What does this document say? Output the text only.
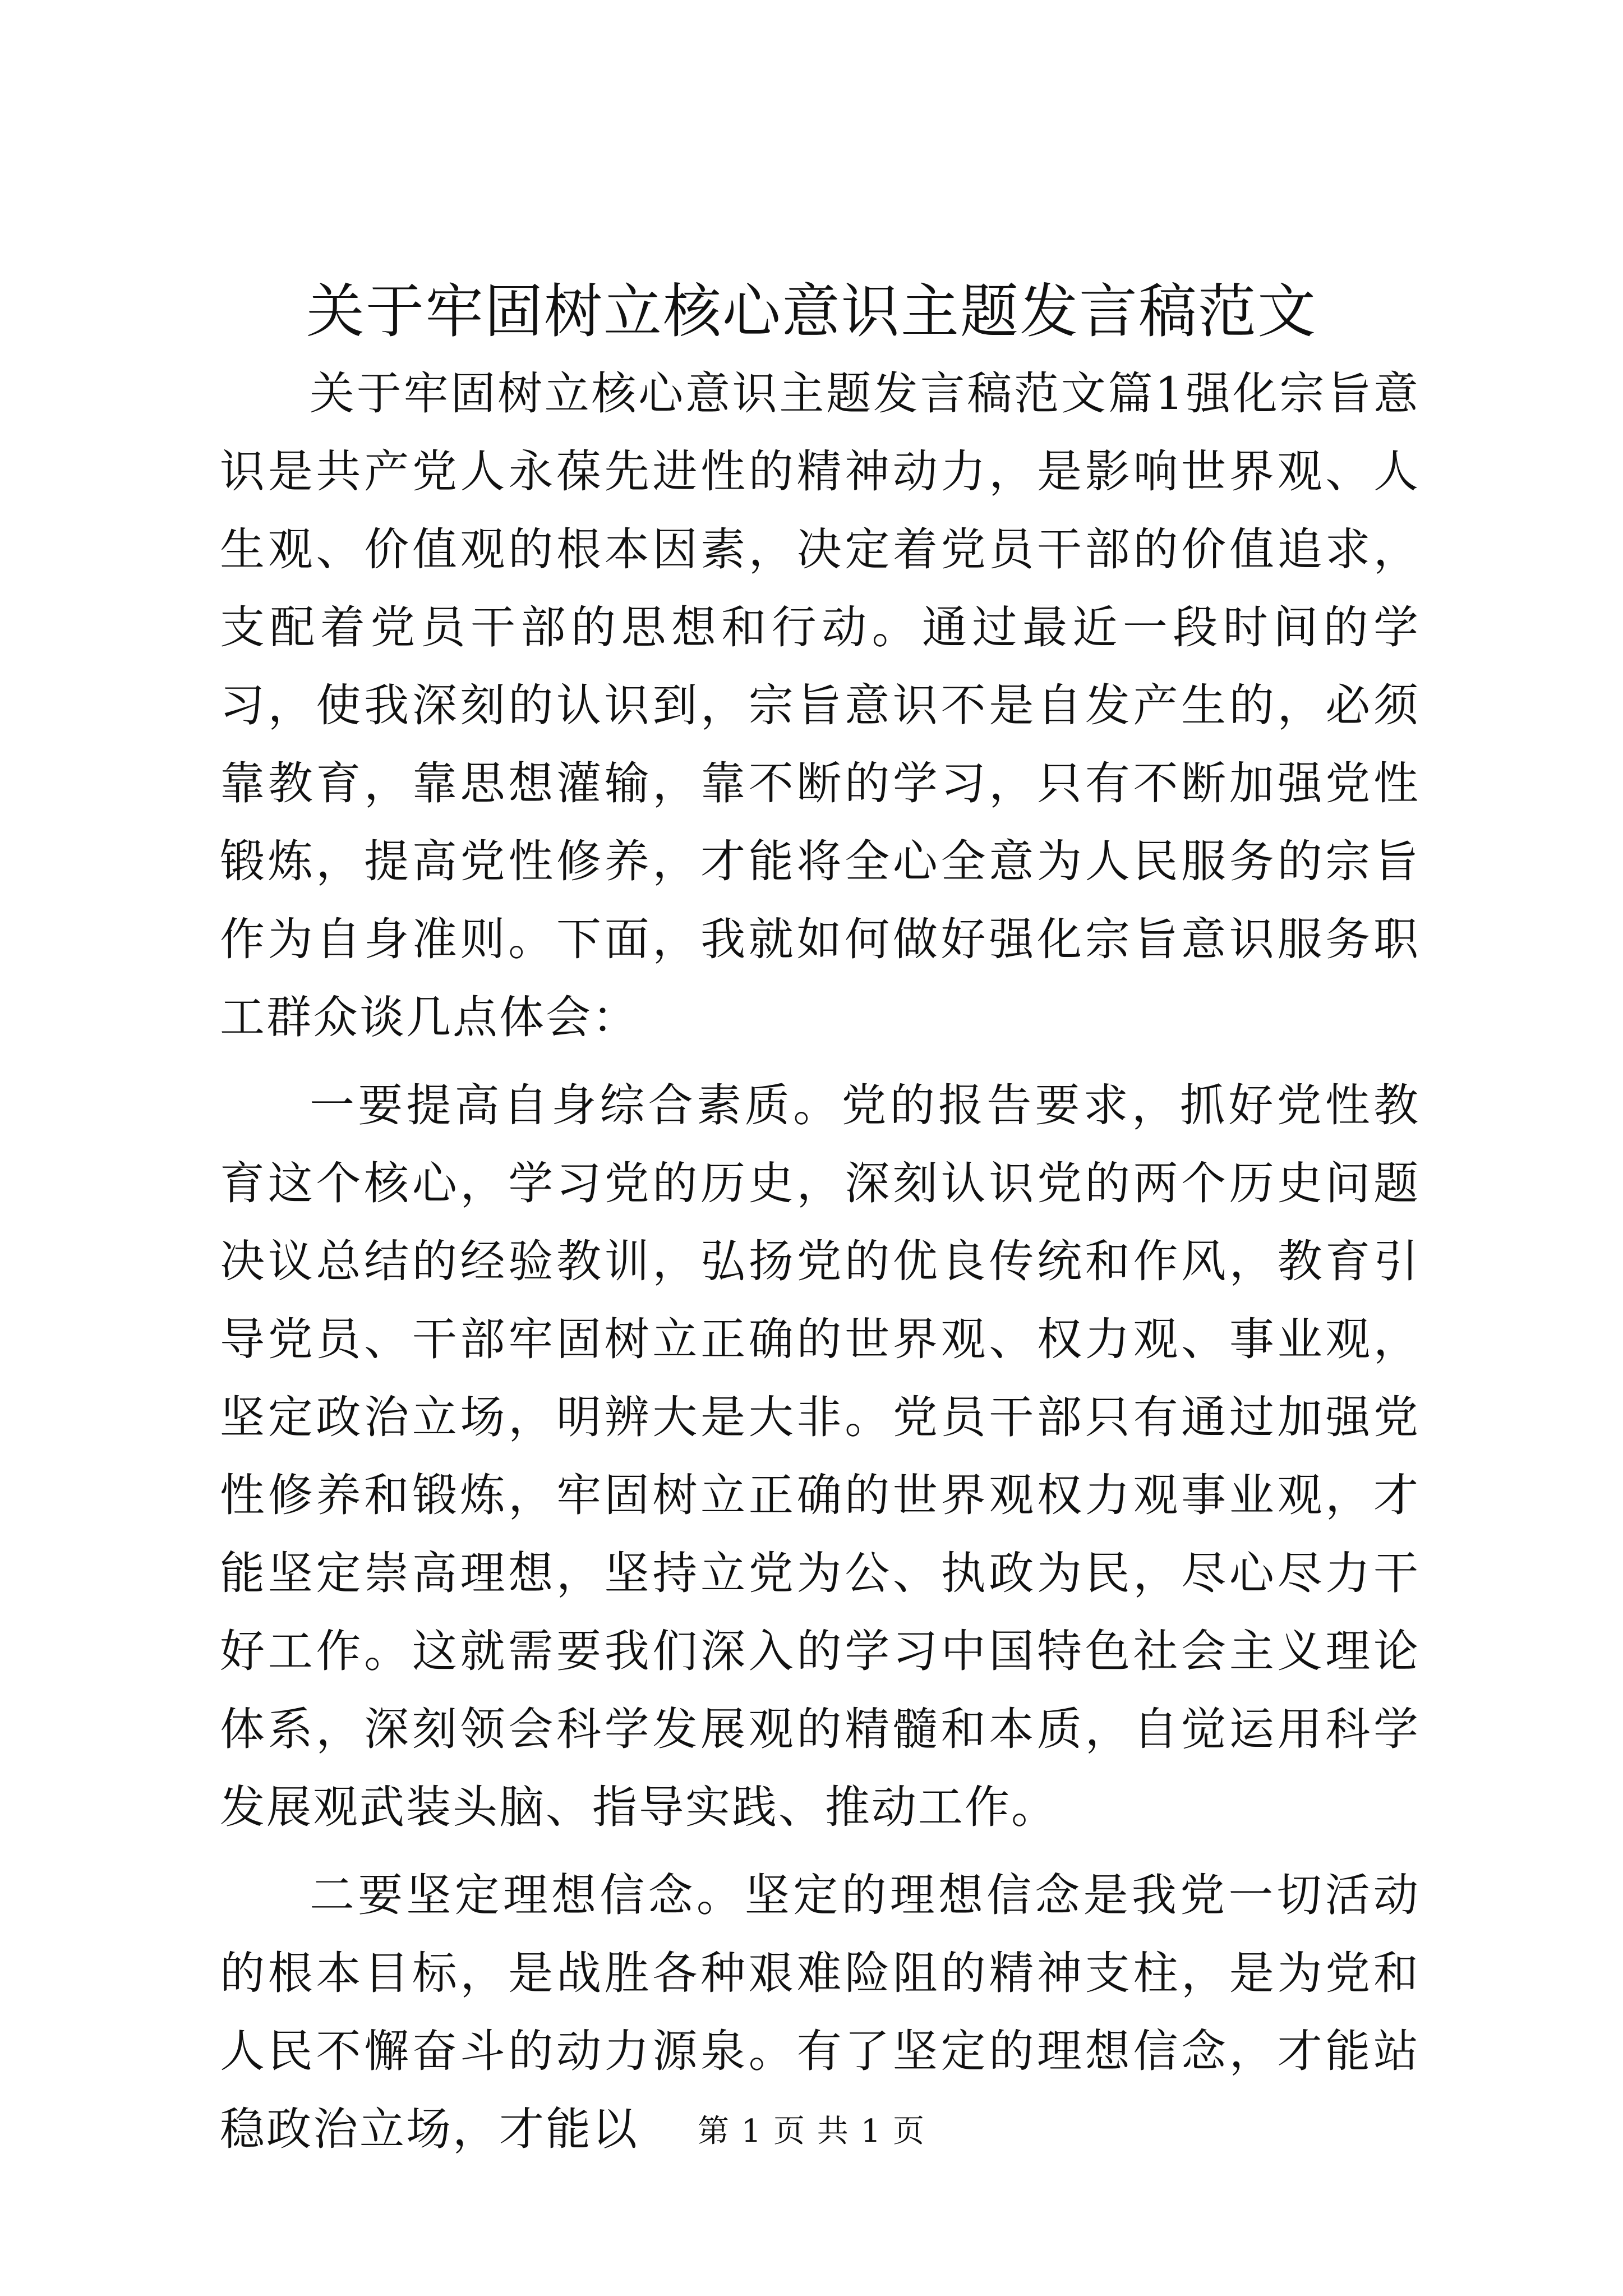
关于牢固树立核心意识主题发言稿范文

关于牢固树立核心意识主题发言稿范文篇1强化宗旨意识是共产党人永葆先进性的精神动力，是影响世界观、人生观、价值观的根本因素，决定着党员干部的价值追求，支配着党员干部的思想和行动。通过最近一段时间的学习，使我深刻的认识到，宗旨意识不是自发产生的，必须靠教育，靠思想灌输，靠不断的学习，只有不断加强党性锻炼，提高党性修养，才能将全心全意为人民服务的宗旨作为自身准则。下面，我就如何做好强化宗旨意识服务职工群众谈几点体会：

一要提高自身综合素质。党的报告要求，抓好党性教育这个核心，学习党的历史，深刻认识党的两个历史问题决议总结的经验教训，弘扬党的优良传统和作风，教育引导党员、干部牢固树立正确的世界观、权力观、事业观，坚定政治立场，明辨大是大非。党员干部只有通过加强党性修养和锻炼，牢固树立正确的世界观权力观事业观，才能坚定崇高理想，坚持立党为公、执政为民，尽心尽力干好工作。这就需要我们深入的学习中国特色社会主义理论体系，深刻领会科学发展观的精髓和本质，自觉运用科学发展观武装头脑、指导实践、推动工作。

二要坚定理想信念。坚定的理想信念是我党一切活动的根本目标，是战胜各种艰难险阻的精神支柱，是为党和人民不懈奋斗的动力源泉。有了坚定的理想信念，才能站稳政治立场，才能以	第 1 页 共 1 页
